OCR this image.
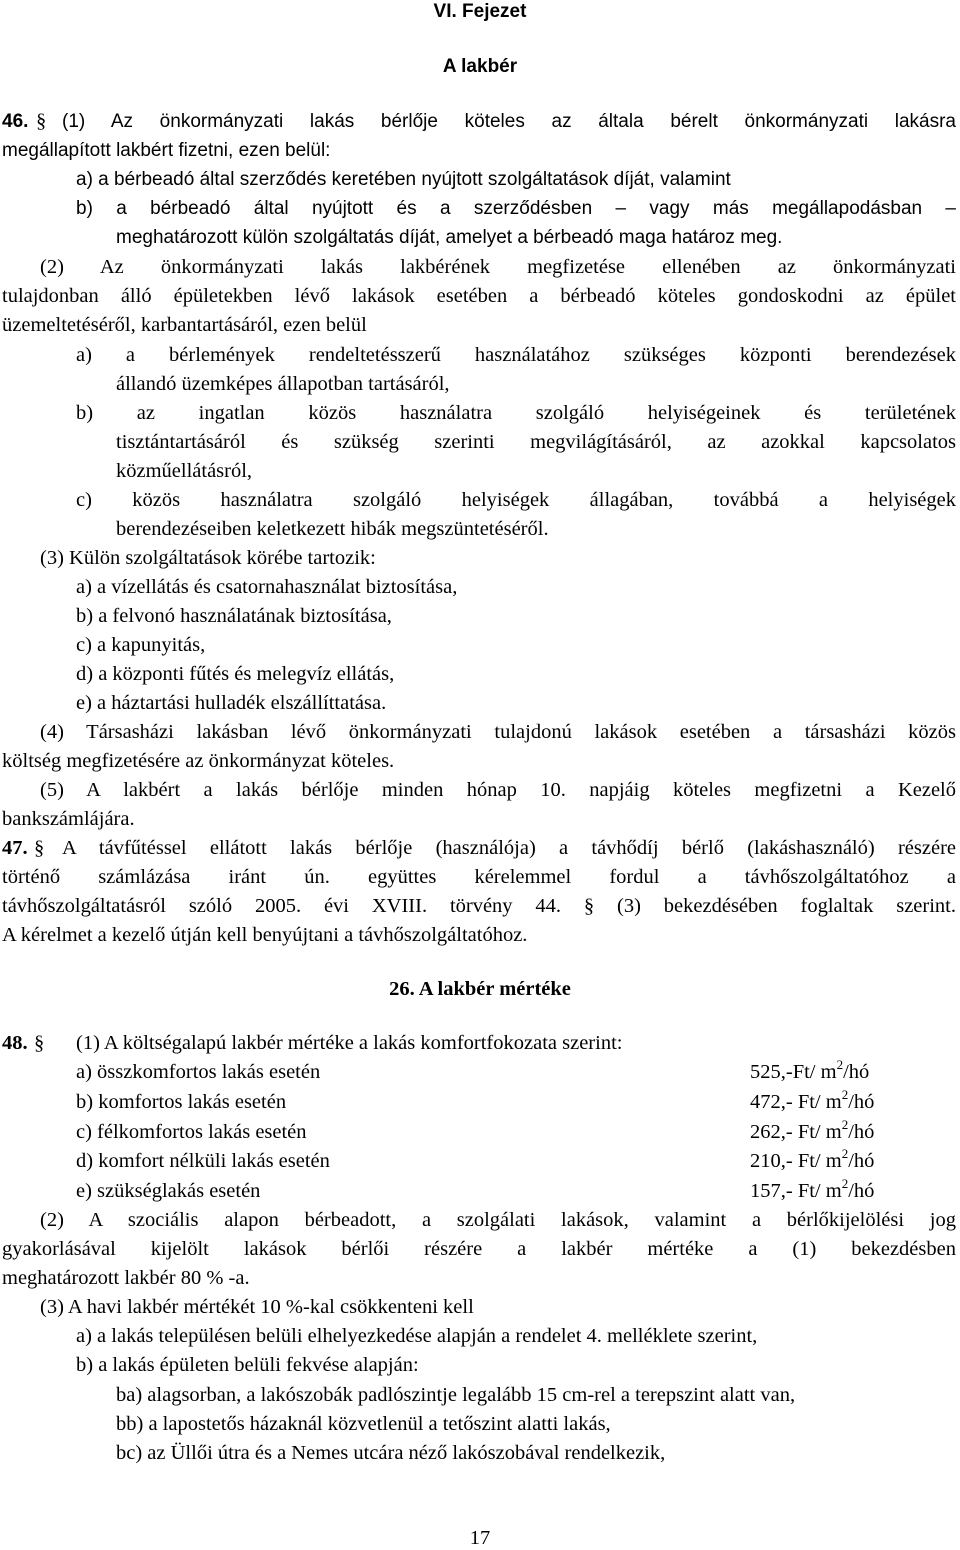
VI. Fejezet
A lakbér
46. § (1) Az önkormányzati lakás bérlője köteles az általa bérelt önkormányzati lakásra
megállapított lakbért fizetni, ezen belül:
a) a bérbeadó által szerződés keretében nyújtott szolgáltatások díját, valamint
b) a bérbeadó által nyújtott és a szerződésben – vagy más megállapodásban –
meghatározott külön szolgáltatás díját, amelyet a bérbeadó maga határoz meg.
(2) Az önkormányzati lakás lakbérének megfizetése ellenében az önkormányzati
tulajdonban álló épületekben lévő lakások esetében a bérbeadó köteles gondoskodni az épület
üzemeltetéséről, karbantartásáról, ezen belül
a) a bérlemények rendeltetésszerű használatához szükséges központi berendezések
állandó üzemképes állapotban tartásáról,
b) az ingatlan közös használatra szolgáló helyiségeinek és területének
tisztántartásáról és szükség szerinti megvilágításáról, az azokkal kapcsolatos
közműellátásról,
c) közös használatra szolgáló helyiségek állagában, továbbá a helyiségek
berendezéseiben keletkezett hibák megszüntetéséről.
(3) Külön szolgáltatások körébe tartozik:
a) a vízellátás és csatornahasználat biztosítása,
b) a felvonó használatának biztosítása,
c) a kapunyitás,
d) a központi fűtés és melegvíz ellátás,
e) a háztartási hulladék elszállíttatása.
(4) Társasházi lakásban lévő önkormányzati tulajdonú lakások esetében a társasházi közös
költség megfizetésére az önkormányzat köteles.
(5) A lakbért a lakás bérlője minden hónap 10. napjáig köteles megfizetni a Kezelő
bankszámlájára.
47. § A távfűtéssel ellátott lakás bérlője (használója) a távhődíj bérlő (lakáshasználó) részére
történő számlázása iránt ún. együttes kérelemmel fordul a távhőszolgáltatóhoz a
távhőszolgáltatásról szóló 2005. évi XVIII. törvény 44. § (3) bekezdésében foglaltak szerint.
A kérelmet a kezelő útján kell benyújtani a távhőszolgáltatóhoz.
26. A lakbér mértéke
48. § (1) A költségalapú lakbér mértéke a lakás komfortfokozata szerint:
a) összkomfortos lakás esetén	525,-Ft/ $m^2/hó$
b) komfortos lakás esetén	472,- Ft/ $m^2/hó$
c) félkomfortos lakás esetén	262,- Ft/ $m^2/hó$
d) komfort nélküli lakás esetén	210,- Ft/ $m^2/hó$
e) szükséglakás esetén	157,- Ft/ $m^2/hó$
(2) A szociális alapon bérbeadott, a szolgálati lakások, valamint a bérlőkijelölési jog
gyakorlásával kijelölt lakások bérlői részére a lakbér mértéke a (1) bekezdésben
meghatározott lakbér 80 % -a.
(3) A havi lakbér mértékét 10 %-kal csökkenteni kell
a) a lakás településen belüli elhelyezkedése alapján a rendelet 4. melléklete szerint,
b) a lakás épületen belüli fekvése alapján:
ba) alagsorban, a lakószobák padlószintje legalább 15 cm-rel a terepszint alatt van,
bb) a lapostetős házaknál közvetlenül a tetőszint alatti lakás,
bc) az Üllői útra és a Nemes utcára néző lakószobával rendelkezik,
17
